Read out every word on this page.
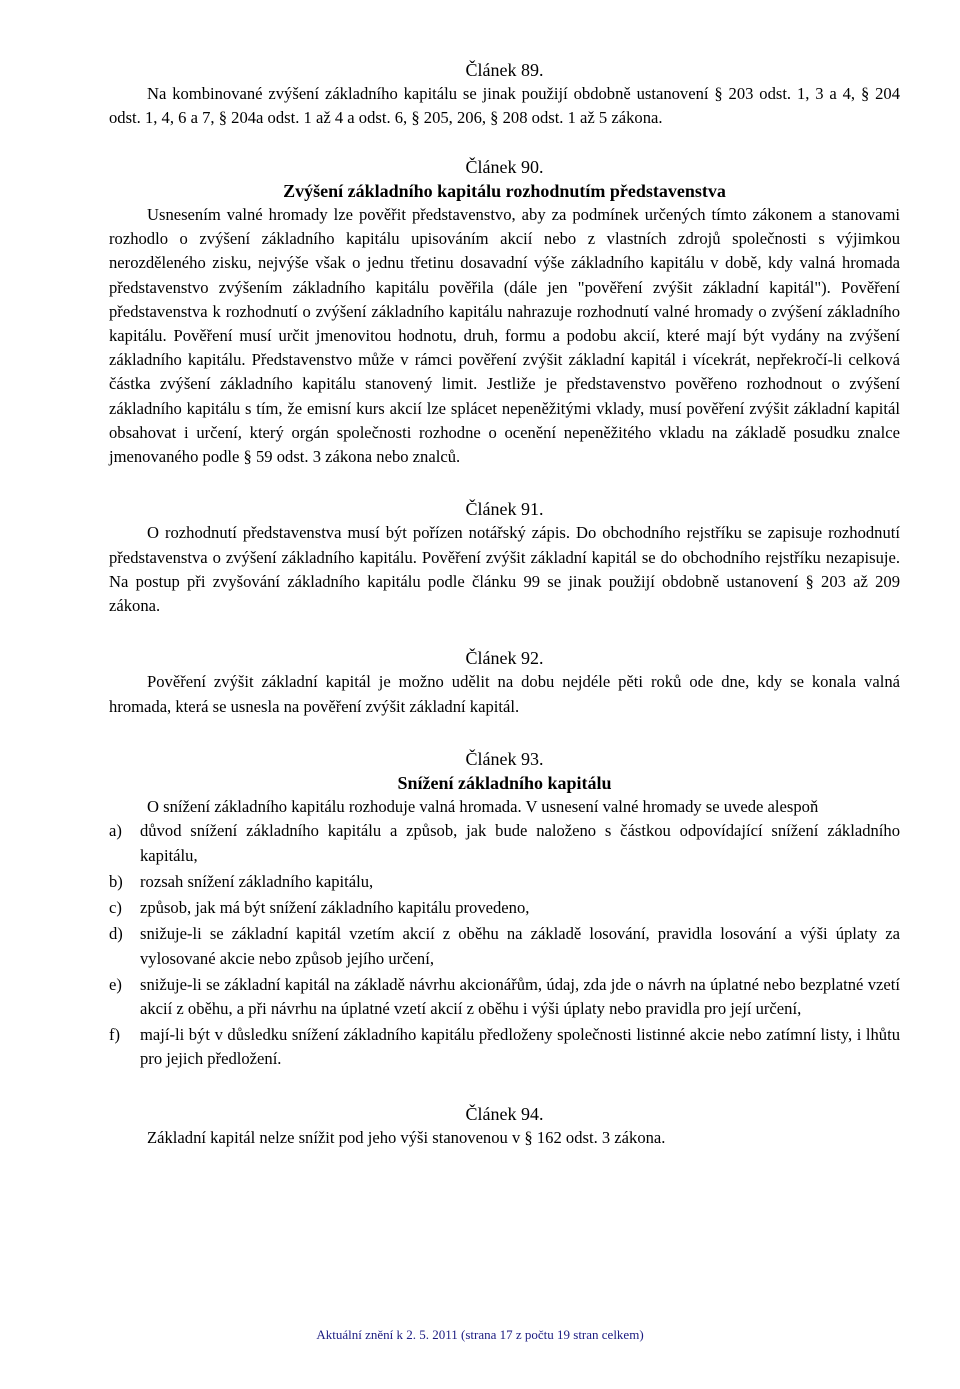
Článek 89.

Na kombinované zvýšení základního kapitálu se jinak použijí obdobně ustanovení § 203 odst. 1, 3 a 4, § 204 odst. 1, 4, 6 a 7, § 204a odst. 1 až 4 a odst. 6, § 205, 206, § 208 odst. 1 až 5 zákona.

Článek 90.

Zvýšení základního kapitálu rozhodnutím představenstva

Usnesením valné hromady lze pověřit představenstvo, aby za podmínek určených tímto zákonem a stanovami rozhodlo o zvýšení základního kapitálu upisováním akcií nebo z vlastních zdrojů společnosti s výjimkou nerozděleného zisku, nejvýše však o jednu třetinu dosavadní výše základního kapitálu v době, kdy valná hromada představenstvo zvýšením základního kapitálu pověřila (dále jen "pověření zvýšit základní kapitál"). Pověření představenstva k rozhodnutí o zvýšení základního kapitálu nahrazuje rozhodnutí valné hromady o zvýšení základního kapitálu. Pověření musí určit jmenovitou hodnotu, druh, formu a podobu akcií, které mají být vydány na zvýšení základního kapitálu. Představenstvo může v rámci pověření zvýšit základní kapitál i vícekrát, nepřekročí-li celková částka zvýšení základního kapitálu stanovený limit. Jestliže je představenstvo pověřeno rozhodnout o zvýšení základního kapitálu s tím, že emisní kurs akcií lze splácet nepeněžitými vklady, musí pověření zvýšit základní kapitál obsahovat i určení, který orgán společnosti rozhodne o ocenění nepeněžitého vkladu na základě posudku znalce jmenovaného podle § 59 odst. 3 zákona nebo znalců.

Článek 91.

O rozhodnutí představenstva musí být pořízen notářský zápis. Do obchodního rejstříku se zapisuje rozhodnutí představenstva o zvýšení základního kapitálu. Pověření zvýšit základní kapitál se do obchodního rejstříku nezapisuje. Na postup při zvyšování základního kapitálu podle článku 99 se jinak použijí obdobně ustanovení § 203 až 209 zákona.

Článek 92.

Pověření zvýšit základní kapitál je možno udělit na dobu nejdéle pěti roků ode dne, kdy se konala valná hromada, která se usnesla na pověření zvýšit základní kapitál.

Článek 93.

Snížení základního kapitálu

O snížení základního kapitálu rozhoduje valná hromada. V usnesení valné hromady se uvede alespoň

a) důvod snížení základního kapitálu a způsob, jak bude naloženo s částkou odpovídající snížení základního kapitálu,
b) rozsah snížení základního kapitálu,
c) způsob, jak má být snížení základního kapitálu provedeno,
d) snižuje-li se základní kapitál vzetím akcií z oběhu na základě losování, pravidla losování a výši úplaty za vylosované akcie nebo způsob jejího určení,
e) snižuje-li se základní kapitál na základě návrhu akcionářům, údaj, zda jde o návrh na úplatné nebo bezplatné vzetí akcií z oběhu, a při návrhu na úplatné vzetí akcií z oběhu i výši úplaty nebo pravidla pro její určení,
f) mají-li být v důsledku snížení základního kapitálu předloženy společnosti listinné akcie nebo zatímní listy, i lhůtu pro jejich předložení.

Článek 94.

Základní kapitál nelze snížit pod jeho výši stanovenou v § 162 odst. 3 zákona.

Aktuální znění k 2. 5. 2011 (strana 17 z počtu 19 stran celkem)
